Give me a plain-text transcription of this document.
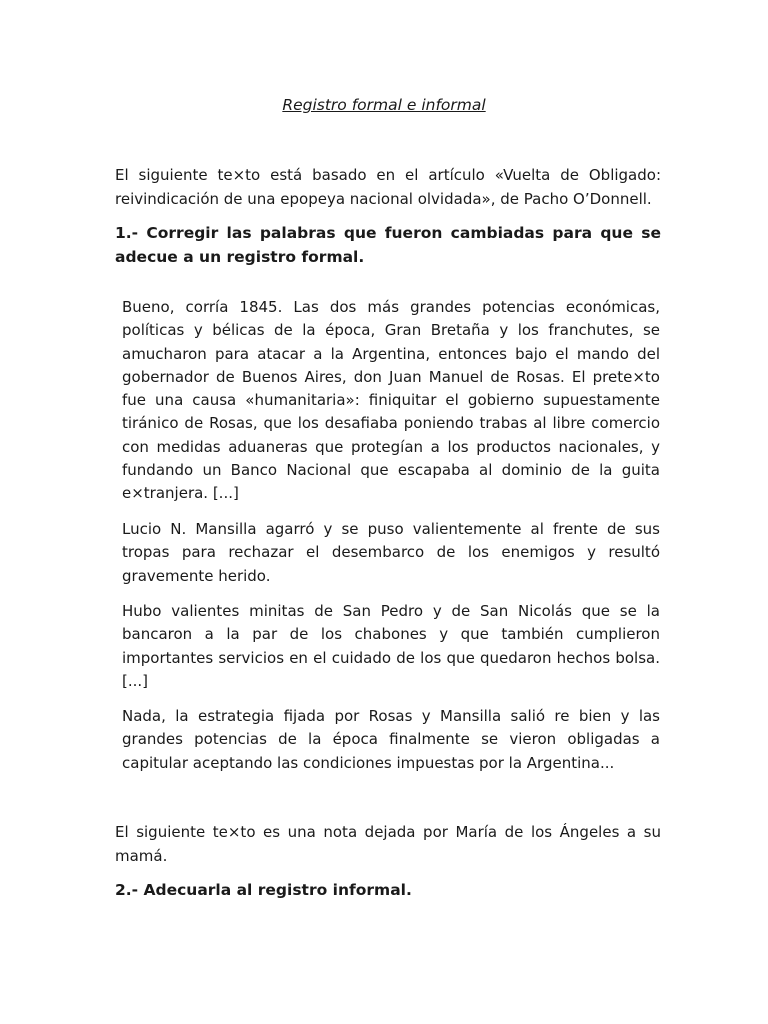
Registro formal e informal

El siguiente te×to está basado en el artículo «Vuelta de Obligado: reivindicación de una epopeya nacional olvidada», de Pacho O’Donnell.

1.- Corregir las palabras que fueron cambiadas para que se adecue a un registro formal.

Bueno, corría 1845. Las dos más grandes potencias económicas, políticas y bélicas de la época, Gran Bretaña y los franchutes, se amucharon para atacar a la Argentina, entonces bajo el mando del gobernador de Buenos Aires, don Juan Manuel de Rosas. El prete×to fue una causa «humanitaria»: finiquitar el gobierno supuestamente tiránico de Rosas, que los desafiaba poniendo trabas al libre comercio con medidas aduaneras que protegían a los productos nacionales, y fundando un Banco Nacional que escapaba al dominio de la guita e×tranjera. [...]

Lucio N. Mansilla agarró y se puso valientemente al frente de sus tropas para rechazar el desembarco de los enemigos y resultó gravemente herido.

Hubo valientes minitas de San Pedro y de San Nicolás que se la bancaron a la par de los chabones y que también cumplieron importantes servicios en el cuidado de los que quedaron hechos bolsa. [...]

Nada, la estrategia fijada por Rosas y Mansilla salió re bien y las grandes potencias de la época finalmente se vieron obligadas a capitular aceptando las condiciones impuestas por la Argentina...

El siguiente te×to es una nota dejada por María de los Ángeles a su mamá.

2.- Adecuarla al registro informal.
